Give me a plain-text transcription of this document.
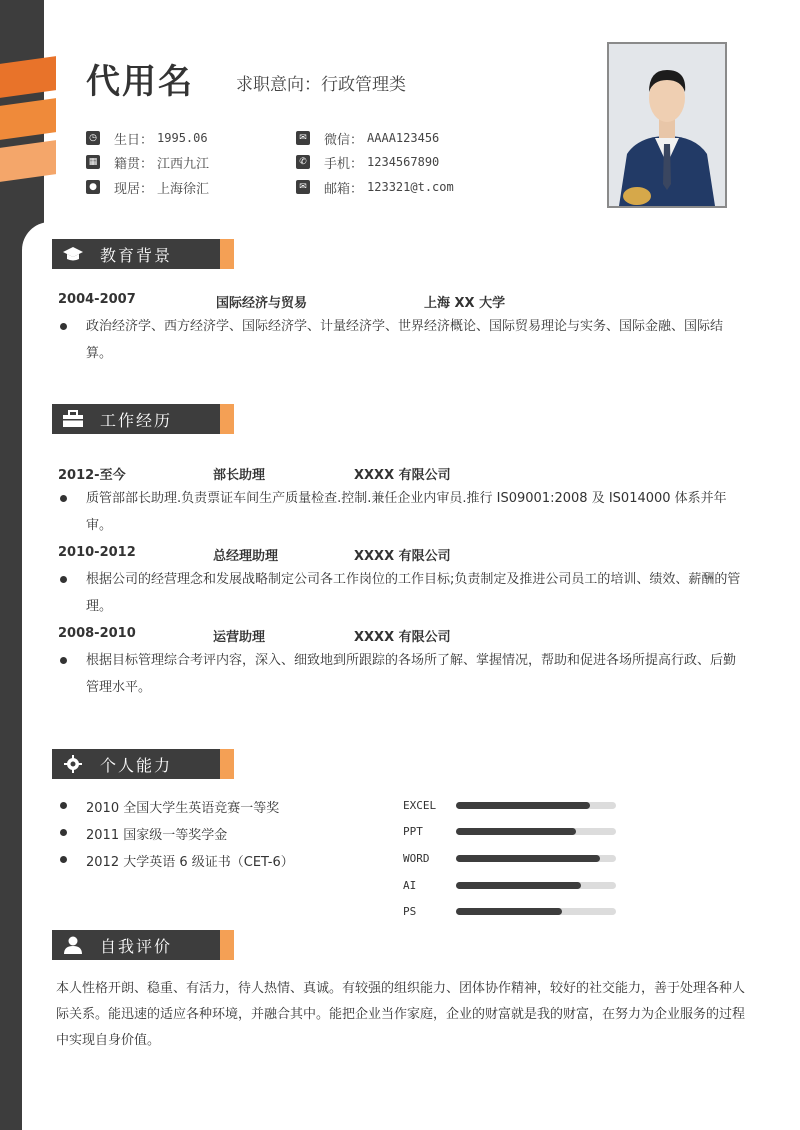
代用名 求职意向：行政管理类
◷ 生日： 1995.06
▦ 籍贯： 江西九江
● 现居： 上海徐汇
✉ 微信： AAAA123456
✆ 手机： 1234567890
✉ 邮箱： 123321@t.com
教育背景
2004-2007	国际经济与贸易	上海 XX 大学
政治经济学、西方经济学、国际经济学、计量经济学、世界经济概论、国际贸易理论与实务、国际金融、国际结算。
工作经历
2012-至今	部长助理	XXXX 有限公司
质管部部长助理.负责票证车间生产质量检查.控制.兼任企业内审员.推行 IS09001:2008 及 IS014000 体系并年审。
2010-2012	总经理助理	XXXX 有限公司
根据公司的经营理念和发展战略制定公司各工作岗位的工作目标;负责制定及推进公司员工的培训、绩效、薪酬的管理。
2008-2010	运营助理	XXXX 有限公司
根据目标管理综合考评内容，深入、细致地到所跟踪的各场所了解、掌握情况，帮助和促进各场所提高行政、后勤管理水平。
个人能力
2010 全国大学生英语竞赛一等奖
2011 国家级一等奖学金
2012 大学英语 6 级证书（CET-6）
EXCEL
PPT
WORD
AI
PS
自我评价
本人性格开朗、稳重、有活力，待人热情、真诚。有较强的组织能力、团体协作精神，较好的社交能力，善于处理各种人际关系。能迅速的适应各种环境，并融合其中。能把企业当作家庭，企业的财富就是我的财富，在努力为企业服务的过程中实现自身价值。
